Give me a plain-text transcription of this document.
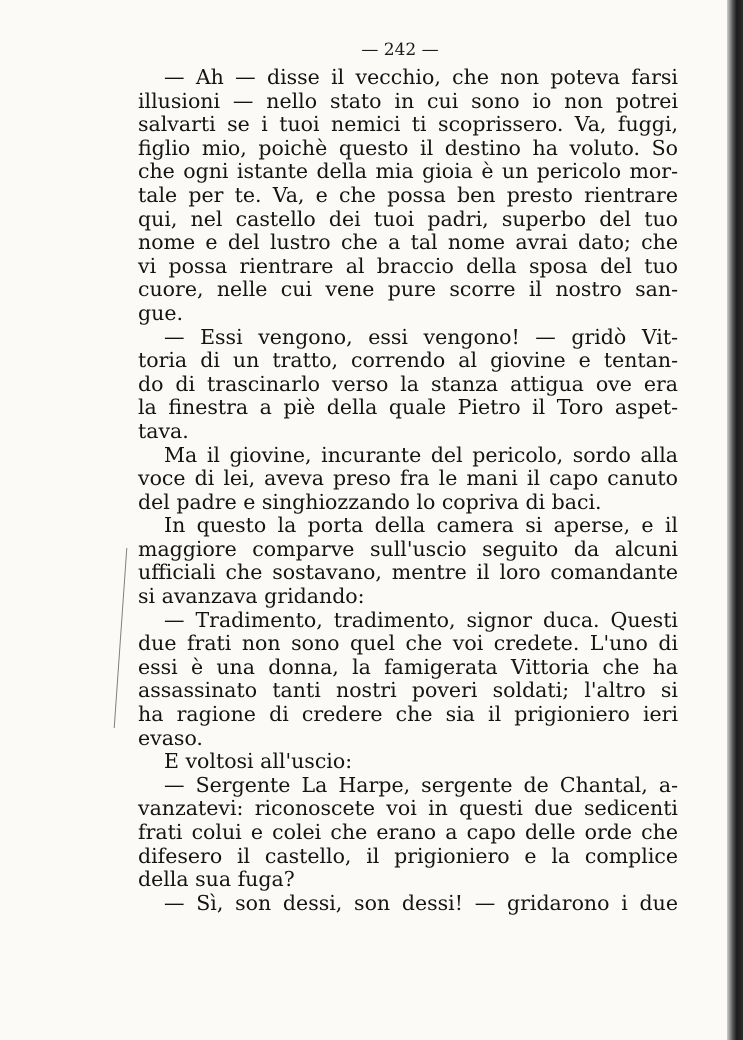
— 242 —
— Ah — disse il vecchio, che non poteva farsi
illusioni — nello stato in cui sono io non potrei
salvarti se i tuoi nemici ti scoprissero. Va, fuggi,
figlio mio, poichè questo il destino ha voluto. So
che ogni istante della mia gioia è un pericolo mor-
tale per te. Va, e che possa ben presto rientrare
qui, nel castello dei tuoi padri, superbo del tuo
nome e del lustro che a tal nome avrai dato; che
vi possa rientrare al braccio della sposa del tuo
cuore, nelle cui vene pure scorre il nostro san-
gue.
— Essi vengono, essi vengono! — gridò Vit-
toria di un tratto, correndo al giovine e tentan-
do di trascinarlo verso la stanza attigua ove era
la finestra a piè della quale Pietro il Toro aspet-
tava.
Ma il giovine, incurante del pericolo, sordo alla
voce di lei, aveva preso fra le mani il capo canuto
del padre e singhiozzando lo copriva di baci.
In questo la porta della camera si aperse, e il
maggiore comparve sull'uscio seguito da alcuni
ufficiali che sostavano, mentre il loro comandante
si avanzava gridando:
— Tradimento, tradimento, signor duca. Questi
due frati non sono quel che voi credete. L'uno di
essi è una donna, la famigerata Vittoria che ha
assassinato tanti nostri poveri soldati; l'altro si
ha ragione di credere che sia il prigioniero ieri
evaso.
E voltosi all'uscio:
— Sergente La Harpe, sergente de Chantal, a-
vanzatevi: riconoscete voi in questi due sedicenti
frati colui e colei che erano a capo delle orde che
difesero il castello, il prigioniero e la complice
della sua fuga?
— Sì, son dessi, son dessi! — gridarono i due
